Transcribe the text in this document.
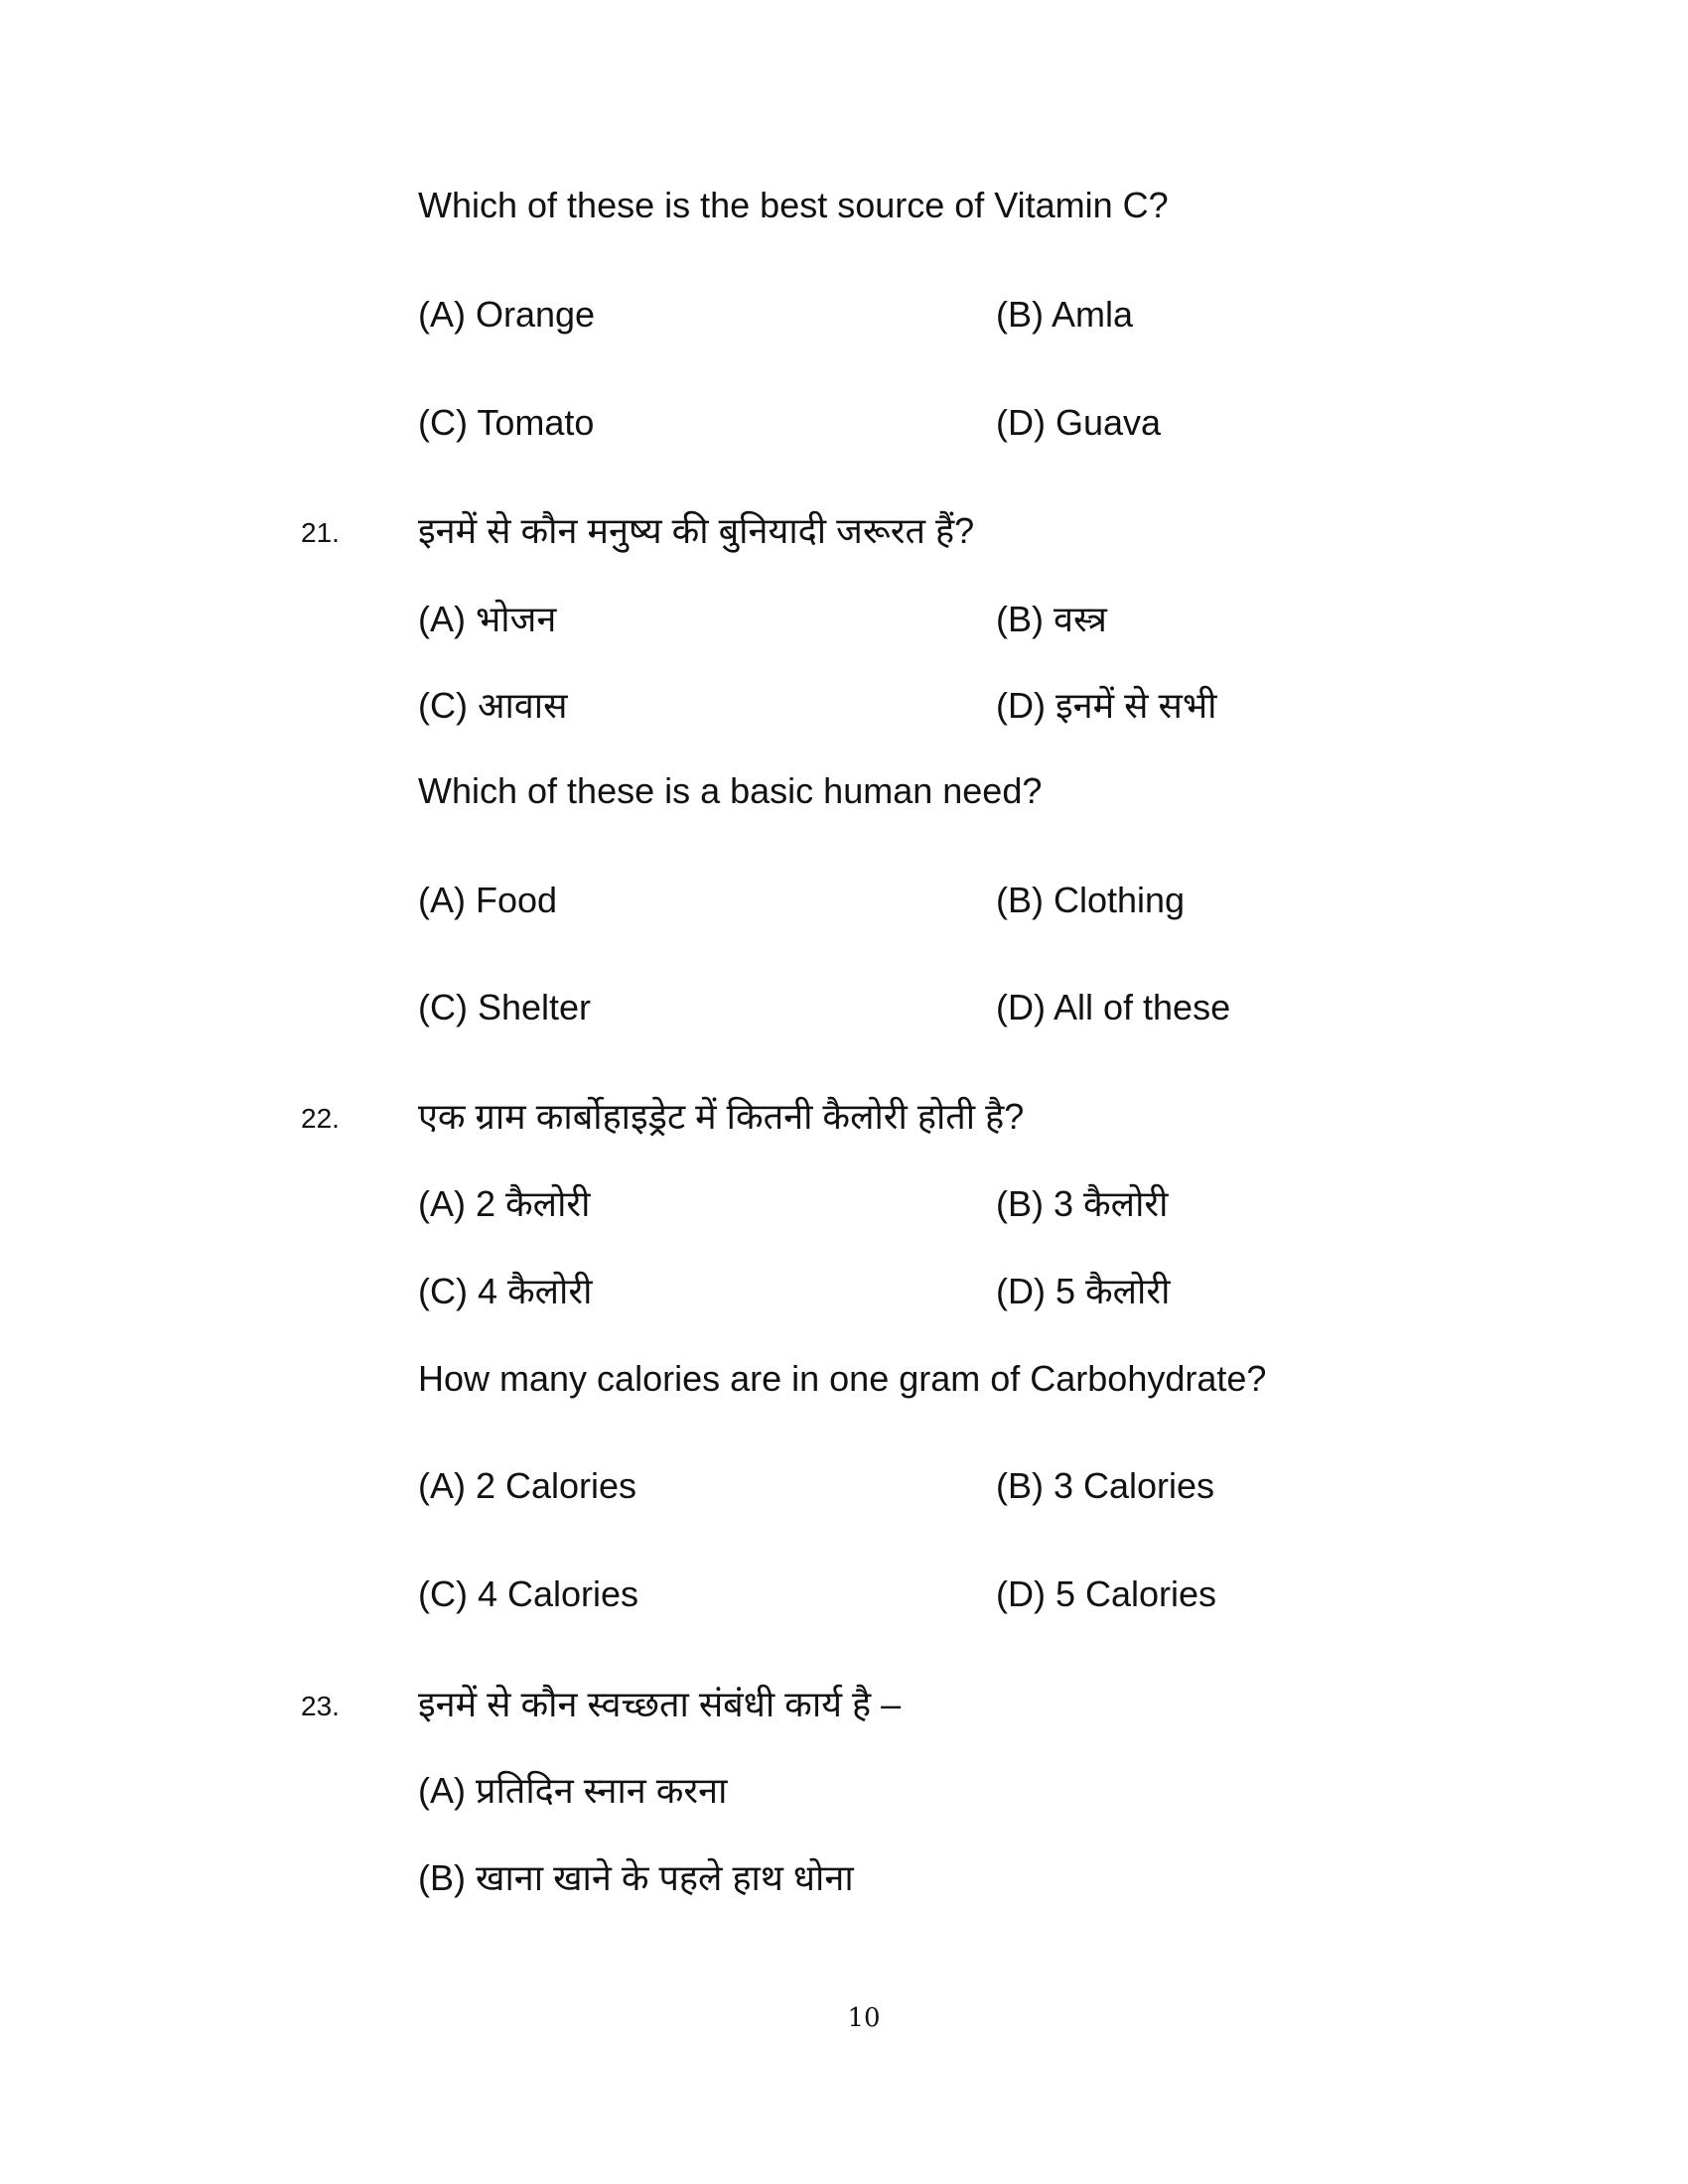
Which of these is the best source of Vitamin C?
(A) Orange	(B) Amla
(C) Tomato	(D) Guava
21. इनमें से कौन मनुष्य की बुनियादी जरूरत हैं?
(A) भोजन	(B) वस्त्र
(C) आवास	(D) इनमें से सभी
Which of these is a basic human need?
(A) Food	(B) Clothing
(C) Shelter	(D) All of these
22. एक ग्राम कार्बोहाइड्रेट में कितनी कैलोरी होती है?
(A) 2 कैलोरी	(B) 3 कैलोरी
(C) 4 कैलोरी	(D) 5 कैलोरी
How many calories are in one gram of Carbohydrate?
(A) 2 Calories	(B) 3 Calories
(C) 4 Calories	(D) 5 Calories
23. इनमें से कौन स्वच्छता संबंधी कार्य है –
(A) प्रतिदिन स्नान करना
(B) खाना खाने के पहले हाथ धोना
10
